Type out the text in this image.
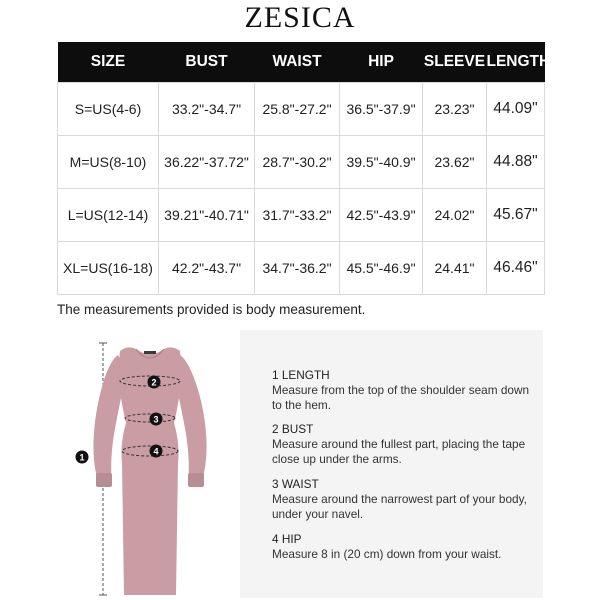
ZESICA
SIZE	BUST	WAIST	HIP	SLEEVE	LENGTH
S=US(4-6)	33.2"-34.7"	25.8"-27.2"	36.5"-37.9"	23.23"	44.09"
M=US(8-10)	36.22"-37.72"	28.7"-30.2"	39.5"-40.9"	23.62"	44.88"
L=US(12-14)	39.21"-40.71"	31.7"-33.2"	42.5"-43.9"	24.02"	45.67"
XL=US(16-18)	42.2"-43.7"	34.7"-36.2"	45.5"-46.9"	24.41"	46.46"
The measurements provided is body measurement.
1
2
3
4
1 LENGTH
Measure from the top of the shoulder seam down to the hem.
2 BUST
Measure around the fullest part, placing the tape close up under the arms.
3 WAIST
Measure around the narrowest part of your body, under your navel.
4 HIP
Measure 8 in (20 cm) down from your waist.
